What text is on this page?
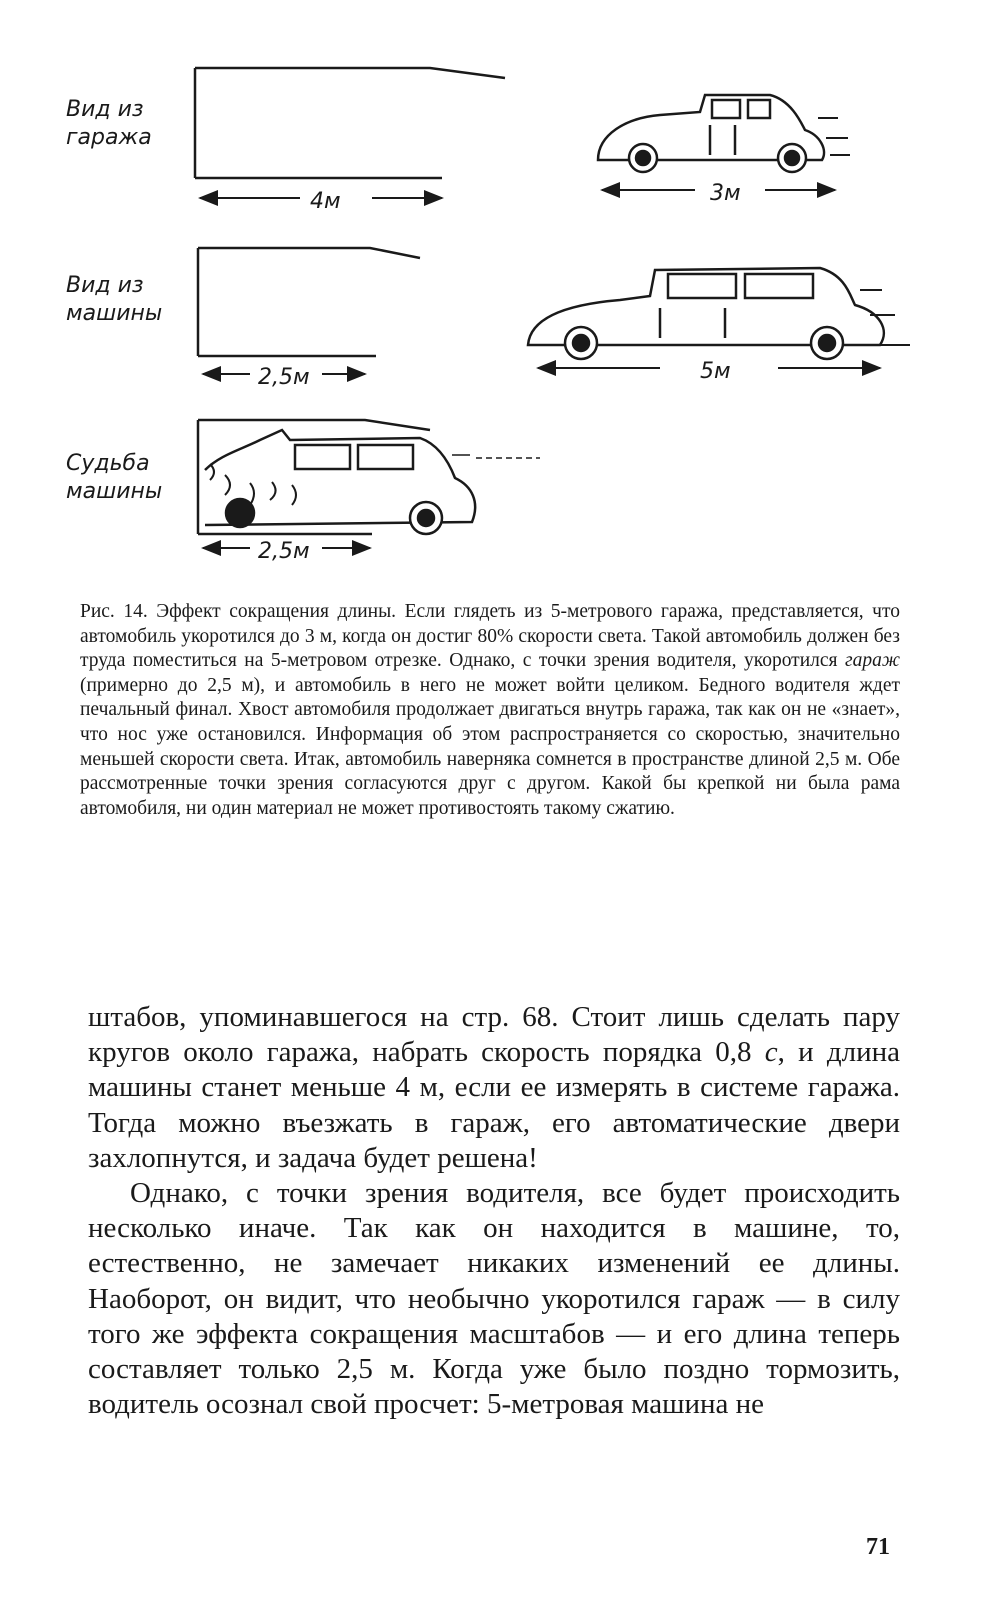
Вид из
гаража
Вид из
машины
Судьба
машины
4м	3м
2,5м	5м
2,5м

Рис. 14. Эффект сокращения длины. Если глядеть из 5-метрового гаража, представляется, что автомобиль укоротился до 3 м, когда он достиг 80% скорости света. Такой автомобиль должен без труда поместиться на 5-метровом отрезке. Однако, с точки зрения водителя, укоротился гараж (примерно до 2,5 м), и автомобиль в него не может войти целиком. Бедного водителя ждет печальный финал. Хвост автомобиля продолжает двигаться внутрь гаража, так как он не «знает», что нос уже остановился. Информация об этом распространяется со скоростью, значительно меньшей скорости света. Итак, автомобиль наверняка сомнется в пространстве длиной 2,5 м. Обе рассмотренные точки зрения согласуются друг с другом. Какой бы крепкой ни была рама автомобиля, ни один материал не может противостоять такому сжатию.

штабов, упоминавшегося на стр. 68. Стоит лишь сделать пару кругов около гаража, набрать скорость порядка 0,8 c, и длина машины станет меньше 4 м, если ее измерять в системе гаража. Тогда можно въезжать в гараж, его автоматические двери захлопнутся, и задача будет решена!

Однако, с точки зрения водителя, все будет происходить несколько иначе. Так как он находится в машине, то, естественно, не замечает никаких изменений ее длины. Наоборот, он видит, что необычно укоротился гараж — в силу того же эффекта сокращения масштабов — и его длина теперь составляет только 2,5 м. Когда уже было поздно тормозить, водитель осознал свой просчет: 5-метровая машина не

71
